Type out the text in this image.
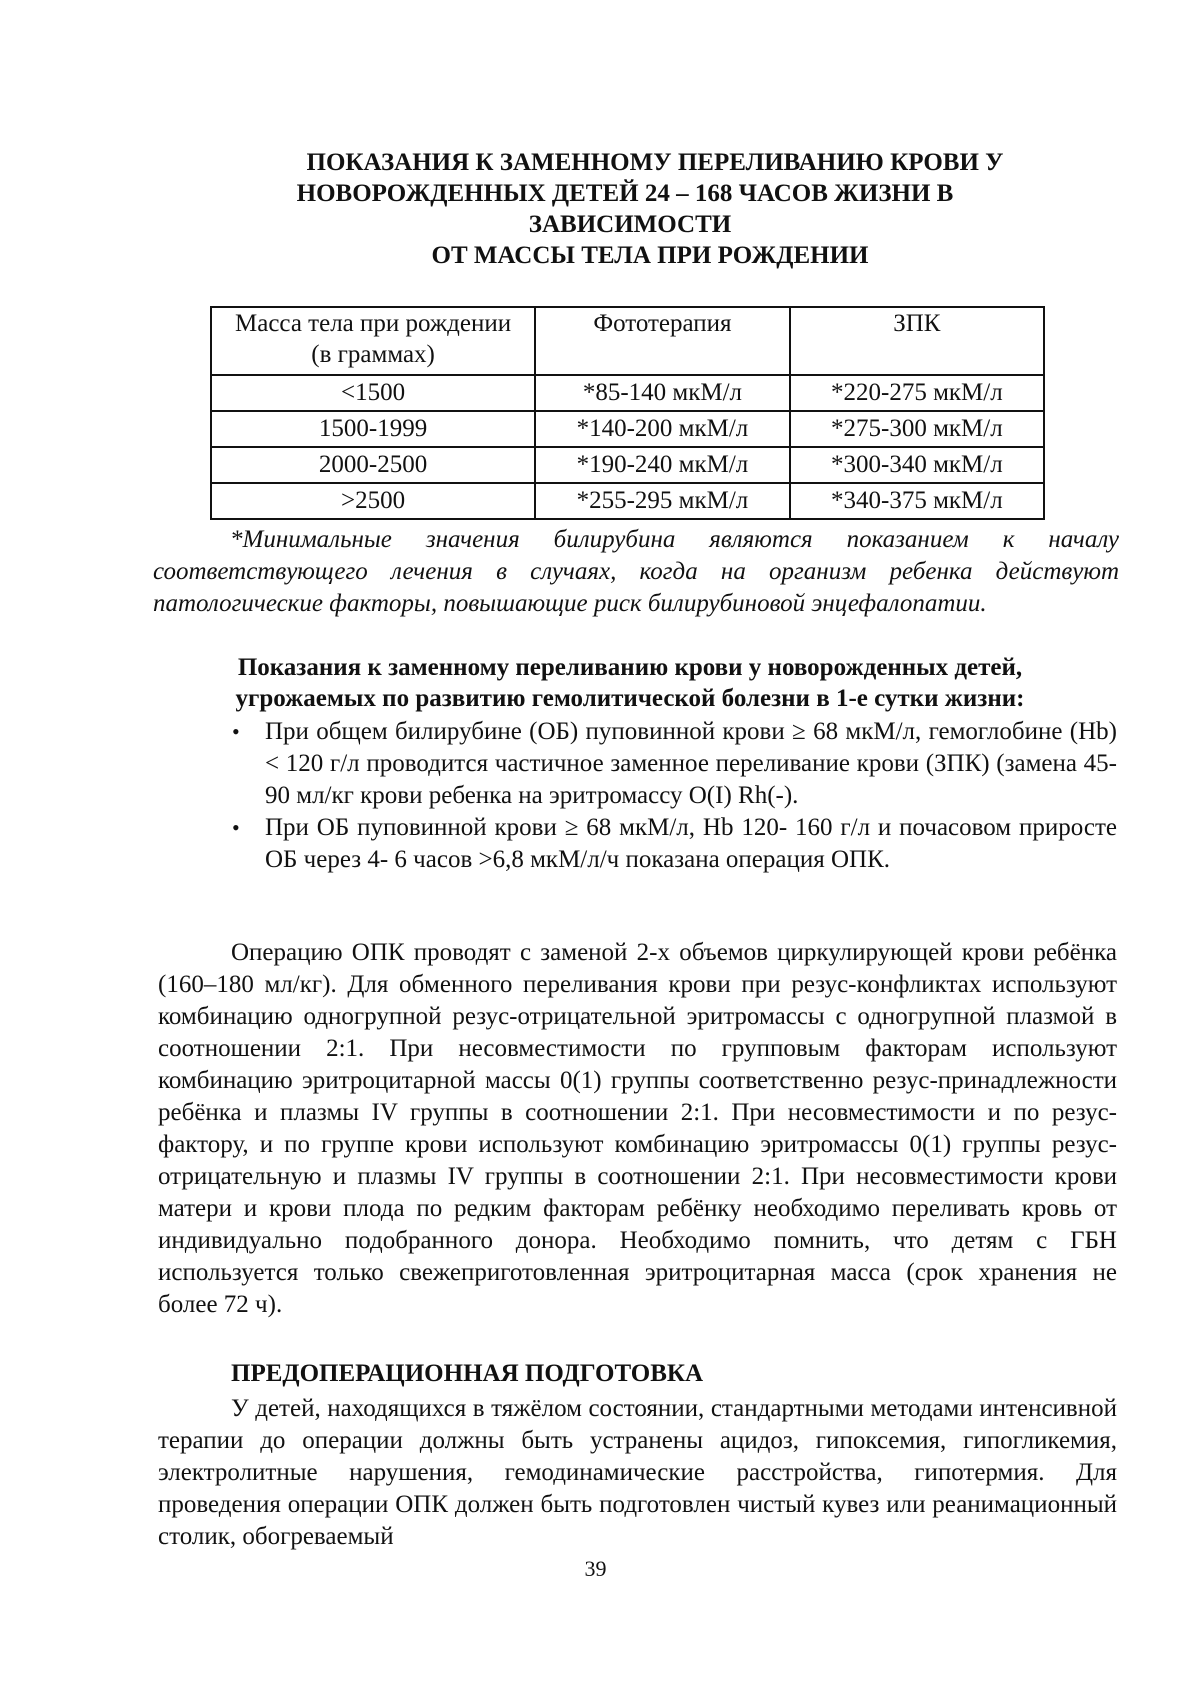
ПОКАЗАНИЯ К ЗАМЕННОМУ ПЕРЕЛИВАНИЮ КРОВИ У
НОВОРОЖДЕННЫХ ДЕТЕЙ 24 – 168 ЧАСОВ ЖИЗНИ В
ЗАВИСИМОСТИ
ОТ МАССЫ ТЕЛА ПРИ РОЖДЕНИИ
Масса тела при рождении
(в граммах)	Фототерапия	ЗПК
<1500	*85-140 мкМ/л	*220-275 мкМ/л
1500-1999	*140-200 мкМ/л	*275-300 мкМ/л
2000-2500	*190-240 мкМ/л	*300-340 мкМ/л
>2500	*255-295 мкМ/л	*340-375 мкМ/л
*Минимальные значения билирубина являются показанием к началу соответствующего лечения в случаях, когда на организм ребенка действуют патологические факторы, повышающие риск билирубиновой энцефалопатии.
Показания к заменному переливанию крови у новорожденных детей,
угрожаемых по развитию гемолитической болезни в 1-е сутки жизни:
• При общем билирубине (ОБ) пуповинной крови ≥ 68 мкМ/л, гемоглобине (Hb) < 120 г/л проводится частичное заменное переливание крови (ЗПК) (замена 45-90 мл/кг крови ребенка на эритромассу O(I) Rh(-).
• При ОБ пуповинной крови ≥ 68 мкМ/л, Hb 120- 160 г/л и почасовом приросте ОБ через 4- 6 часов >6,8 мкМ/л/ч показана операция ОПК.
Операцию ОПК проводят с заменой 2-х объемов циркулирующей крови ребёнка (160–180 мл/кг). Для обменного переливания крови при резус-конфликтах используют комбинацию одногрупной резус-отрицательной эритромассы с одногрупной плазмой в соотношении 2:1. При несовместимости по групповым факторам используют комбинацию эритроцитарной массы 0(1) группы соответственно резус-принадлежности ребёнка и плазмы IV группы в соотношении 2:1. При несовместимости и по резус-фактору, и по группе крови используют комбинацию эритромассы 0(1) группы резус-отрицательную и плазмы IV группы в соотношении 2:1. При несовместимости крови матери и крови плода по редким факторам ребёнку необходимо переливать кровь от индивидуально подобранного донора. Необходимо помнить, что детям с ГБН используется только свежеприготовленная эритроцитарная масса (срок хранения не более 72 ч).
ПРЕДОПЕРАЦИОННАЯ ПОДГОТОВКА
У детей, находящихся в тяжёлом состоянии, стандартными методами интенсивной терапии до операции должны быть устранены ацидоз, гипоксемия, гипогликемия, электролитные нарушения, гемодинамические расстройства, гипотермия. Для проведения операции ОПК должен быть подготовлен чистый кувез или реанимационный столик, обогреваемый
39
